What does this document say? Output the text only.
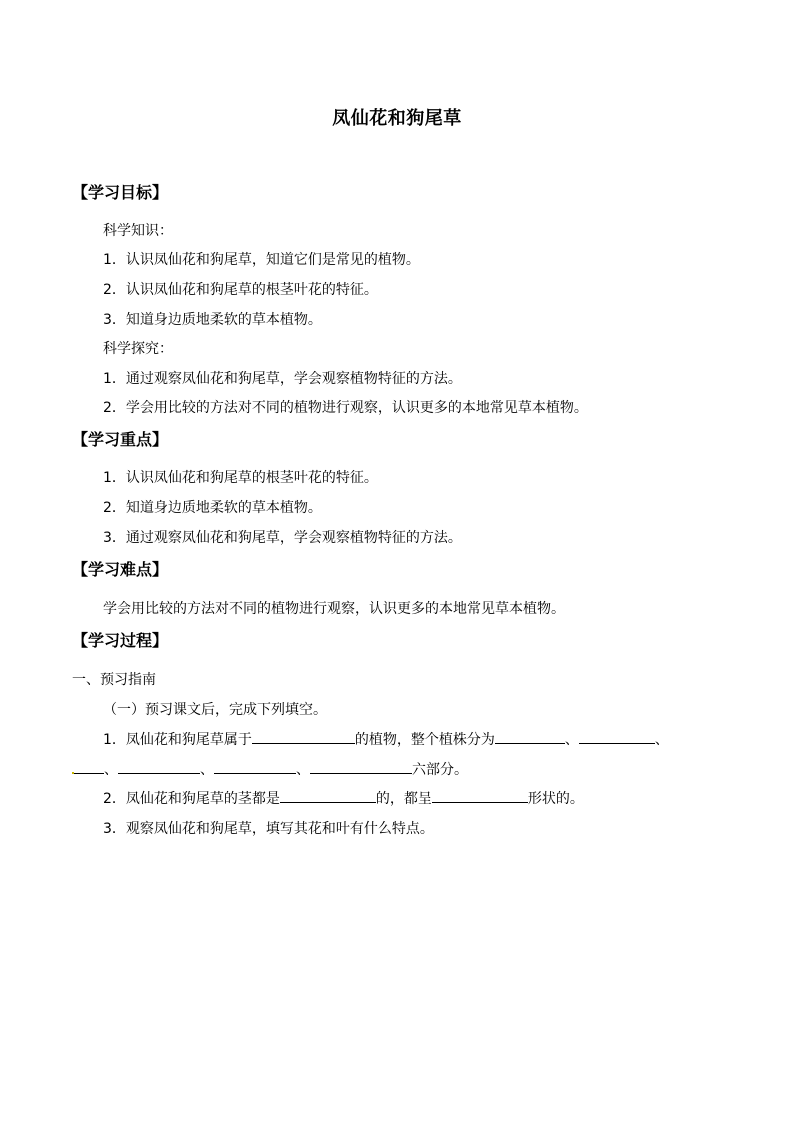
凤仙花和狗尾草
【学习目标】
科学知识：
1．认识凤仙花和狗尾草，知道它们是常见的植物。
2．认识凤仙花和狗尾草的根茎叶花的特征。
3．知道身边质地柔软的草本植物。
科学探究：
1．通过观察凤仙花和狗尾草，学会观察植物特征的方法。
2．学会用比较的方法对不同的植物进行观察，认识更多的本地常见草本植物。
【学习重点】
1．认识凤仙花和狗尾草的根茎叶花的特征。
2．知道身边质地柔软的草本植物。
3．通过观察凤仙花和狗尾草，学会观察植物特征的方法。
【学习难点】
学会用比较的方法对不同的植物进行观察，认识更多的本地常见草本植物。
【学习过程】
一、预习指南
（一）预习课文后，完成下列填空。
1．凤仙花和狗尾草属于	的植物，整个植株分为	、	、
、	、	、	六部分。
2．凤仙花和狗尾草的茎都是	的，都呈	形状的。
3．观察凤仙花和狗尾草，填写其花和叶有什么特点。
